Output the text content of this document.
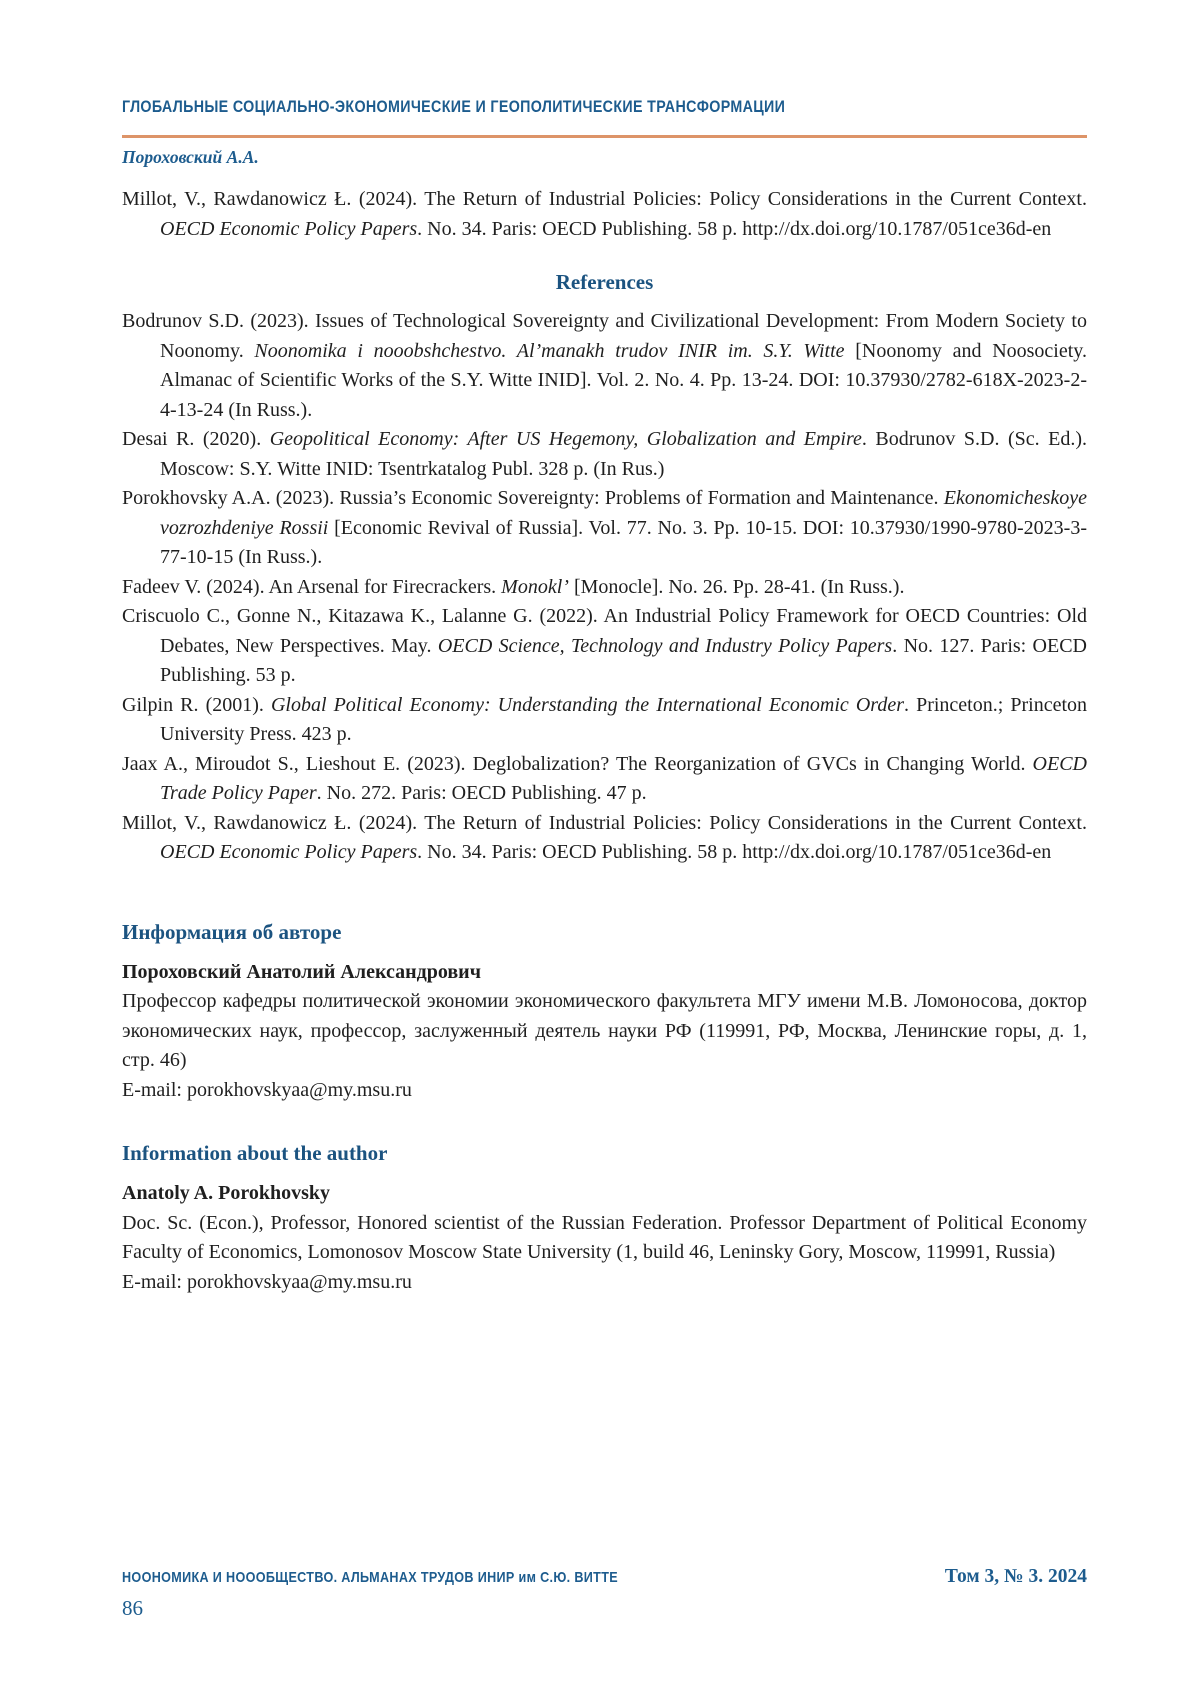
ГЛОБАЛЬНЫЕ СОЦИАЛЬНО-ЭКОНОМИЧЕСКИЕ И ГЕОПОЛИТИЧЕСКИЕ ТРАНСФОРМАЦИИ
Пороховский А.А.

Millot, V., Rawdanowicz Ł. (2024). The Return of Industrial Policies: Policy Considerations in the Current Context. OECD Economic Policy Papers. No. 34. Paris: OECD Publishing. 58 p. http://dx.doi.org/10.1787/051ce36d-en

References

Bodrunov S.D. (2023). Issues of Technological Sovereignty and Civilizational Development: From Modern Society to Noonomy. Noonomika i nooobshchestvo. Al’manakh trudov INIR im. S.Y. Witte [Noonomy and Noosociety. Almanac of Scientific Works of the S.Y. Witte INID]. Vol. 2. No. 4. Pp. 13-24. DOI: 10.37930/2782-618X-2023-2-4-13-24 (In Russ.).

Desai R. (2020). Geopolitical Economy: After US Hegemony, Globalization and Empire. Bodrunov S.D. (Sc. Ed.). Moscow: S.Y. Witte INID: Tsentrkatalog Publ. 328 p. (In Rus.)

Porokhovsky A.A. (2023). Russia’s Economic Sovereignty: Problems of Formation and Maintenance. Ekonomicheskoye vozrozhdeniye Rossii [Economic Revival of Russia]. Vol. 77. No. 3. Pp. 10-15. DOI: 10.37930/1990-9780-2023-3-77-10-15 (In Russ.).

Fadeev V. (2024). An Arsenal for Firecrackers. Monokl’ [Monocle]. No. 26. Pp. 28-41. (In Russ.).

Criscuolo C., Gonne N., Kitazawa K., Lalanne G. (2022). An Industrial Policy Framework for OECD Countries: Old Debates, New Perspectives. May. OECD Science, Technology and Industry Policy Papers. No. 127. Paris: OECD Publishing. 53 p.

Gilpin R. (2001). Global Political Economy: Understanding the International Economic Order. Princeton.; Princeton University Press. 423 p.

Jaax A., Miroudot S., Lieshout E. (2023). Deglobalization? The Reorganization of GVCs in Changing World. OECD Trade Policy Paper. No. 272. Paris: OECD Publishing. 47 p.

Millot, V., Rawdanowicz Ł. (2024). The Return of Industrial Policies: Policy Considerations in the Current Context. OECD Economic Policy Papers. No. 34. Paris: OECD Publishing. 58 p. http://dx.doi.org/10.1787/051ce36d-en

Информация об авторе

Пороховский Анатолий Александрович

Профессор кафедры политической экономии экономического факультета МГУ имени М.В. Ломоносова, доктор экономических наук, профессор, заслуженный деятель науки РФ (119991, РФ, Москва, Ленинские горы, д. 1, стр. 46)

E-mail: porokhovskyaa@my.msu.ru

Information about the author

Anatoly A. Porokhovsky

Doc. Sc. (Econ.), Professor, Honored scientist of the Russian Federation. Professor Department of Political Economy Faculty of Economics, Lomonosov Moscow State University (1, build 46, Leninsky Gory, Moscow, 119991, Russia)

E-mail: porokhovskyaa@my.msu.ru

НООНОМИКА И НОООБЩЕСТВО. АЛЬМАНАХ ТРУДОВ ИНИР им С.Ю. ВИТТЕ	Том 3, № 3. 2024
86
